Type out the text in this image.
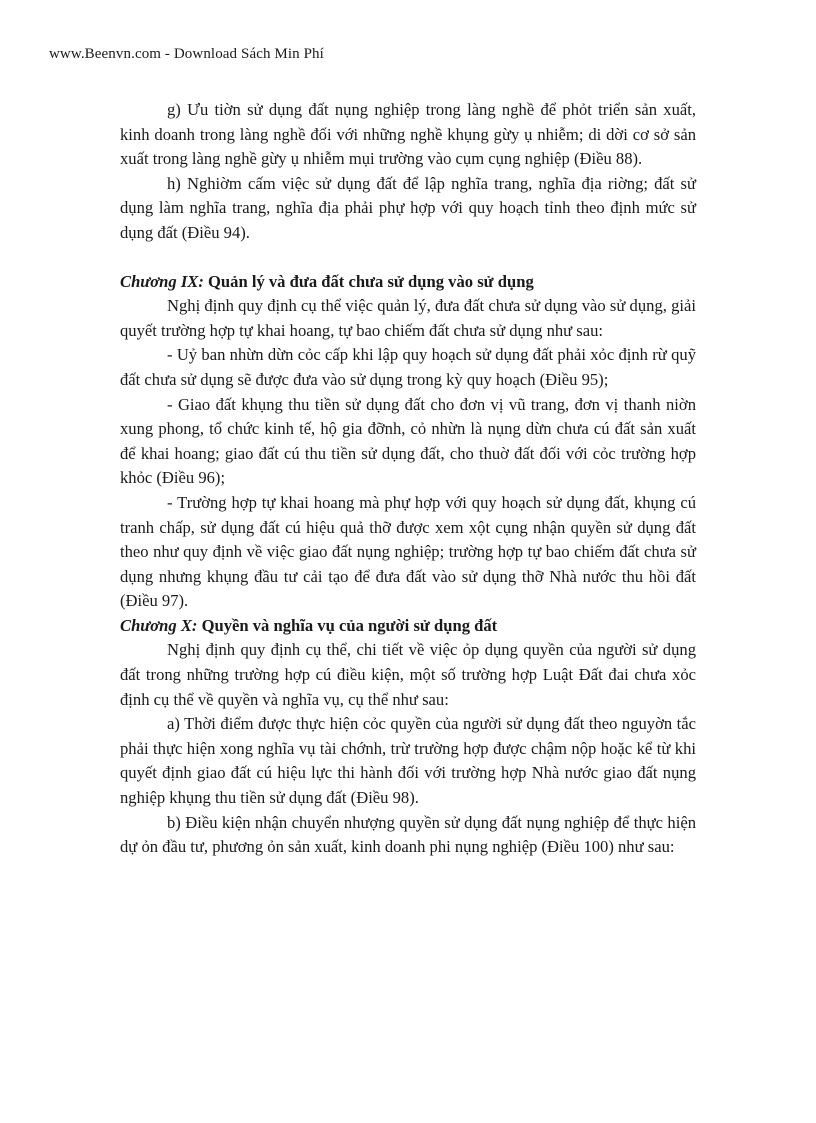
www.Beenvn.com - Download Sách Min Phí

g) Ưu tiờn sử dụng đất nụng nghiệp trong làng nghề để phỏt triển sản xuất, kinh doanh trong làng nghề đối với những nghề khụng gừy ụ nhiễm; di dời cơ sở sản xuất trong làng nghề gừy ụ nhiễm mụi trường vào cụm cụng nghiệp (Điều 88).

h) Nghiờm cấm việc sử dụng đất để lập nghĩa trang, nghĩa địa riờng; đất sử dụng làm nghĩa trang, nghĩa địa phải phự hợp với quy hoạch tỉnh theo định mức sử dụng đất (Điều 94).

Chương IX: Quản lý và đưa đất chưa sử dụng vào sử dụng

Nghị định quy định cụ thể việc quản lý, đưa đất chưa sử dụng vào sử dụng, giải quyết trường hợp tự khai hoang, tự bao chiếm đất chưa sử dụng như sau:

- Uỷ ban nhừn dừn cỏc cấp khi lập quy hoạch sử dụng đất phải xỏc định rừ quỹ đất chưa sử dụng sẽ được đưa vào sử dụng trong kỳ quy hoạch (Điều 95);

- Giao đất khụng thu tiền sử dụng đất cho đơn vị vũ trang, đơn vị thanh niờn xung phong, tổ chức kinh tế, hộ gia đỡnh, cỏ nhừn là nụng dừn chưa cú đất sản xuất để khai hoang; giao đất cú thu tiền sử dụng đất, cho thuờ đất đối với cỏc trường hợp khỏc (Điều 96);

- Trường hợp tự khai hoang mà phự hợp với quy hoạch sử dụng đất, khụng cú tranh chấp, sử dụng đất cú hiệu quả thỡ được xem xột cụng nhận quyền sử dụng đất theo như quy định về việc giao đất nụng nghiệp; trường hợp tự bao chiếm đất chưa sử dụng nhưng khụng đầu tư cải tạo để đưa đất vào sử dụng thỡ Nhà nước thu hồi đất (Điều 97).

Chương X: Quyền và nghĩa vụ của người sử dụng đất

Nghị định quy định cụ thể, chi tiết về việc ỏp dụng quyền của người sử dụng đất trong những trường hợp cú điều kiện, một số trường hợp Luật Đất đai chưa xỏc định cụ thể về quyền và nghĩa vụ, cụ thể như sau:

a) Thời điểm được thực hiện cỏc quyền của người sử dụng đất theo nguyờn tắc phải thực hiện xong nghĩa vụ tài chớnh, trừ trường hợp được chậm nộp hoặc kể từ khi quyết định giao đất cú hiệu lực thi hành đối với trường hợp Nhà nước giao đất nụng nghiệp khụng thu tiền sử dụng đất (Điều 98).

b) Điều kiện nhận chuyển nhượng quyền sử dụng đất nụng nghiệp để thực hiện dự ỏn đầu tư, phương ỏn sản xuất, kinh doanh phi nụng nghiệp (Điều 100) như sau:
